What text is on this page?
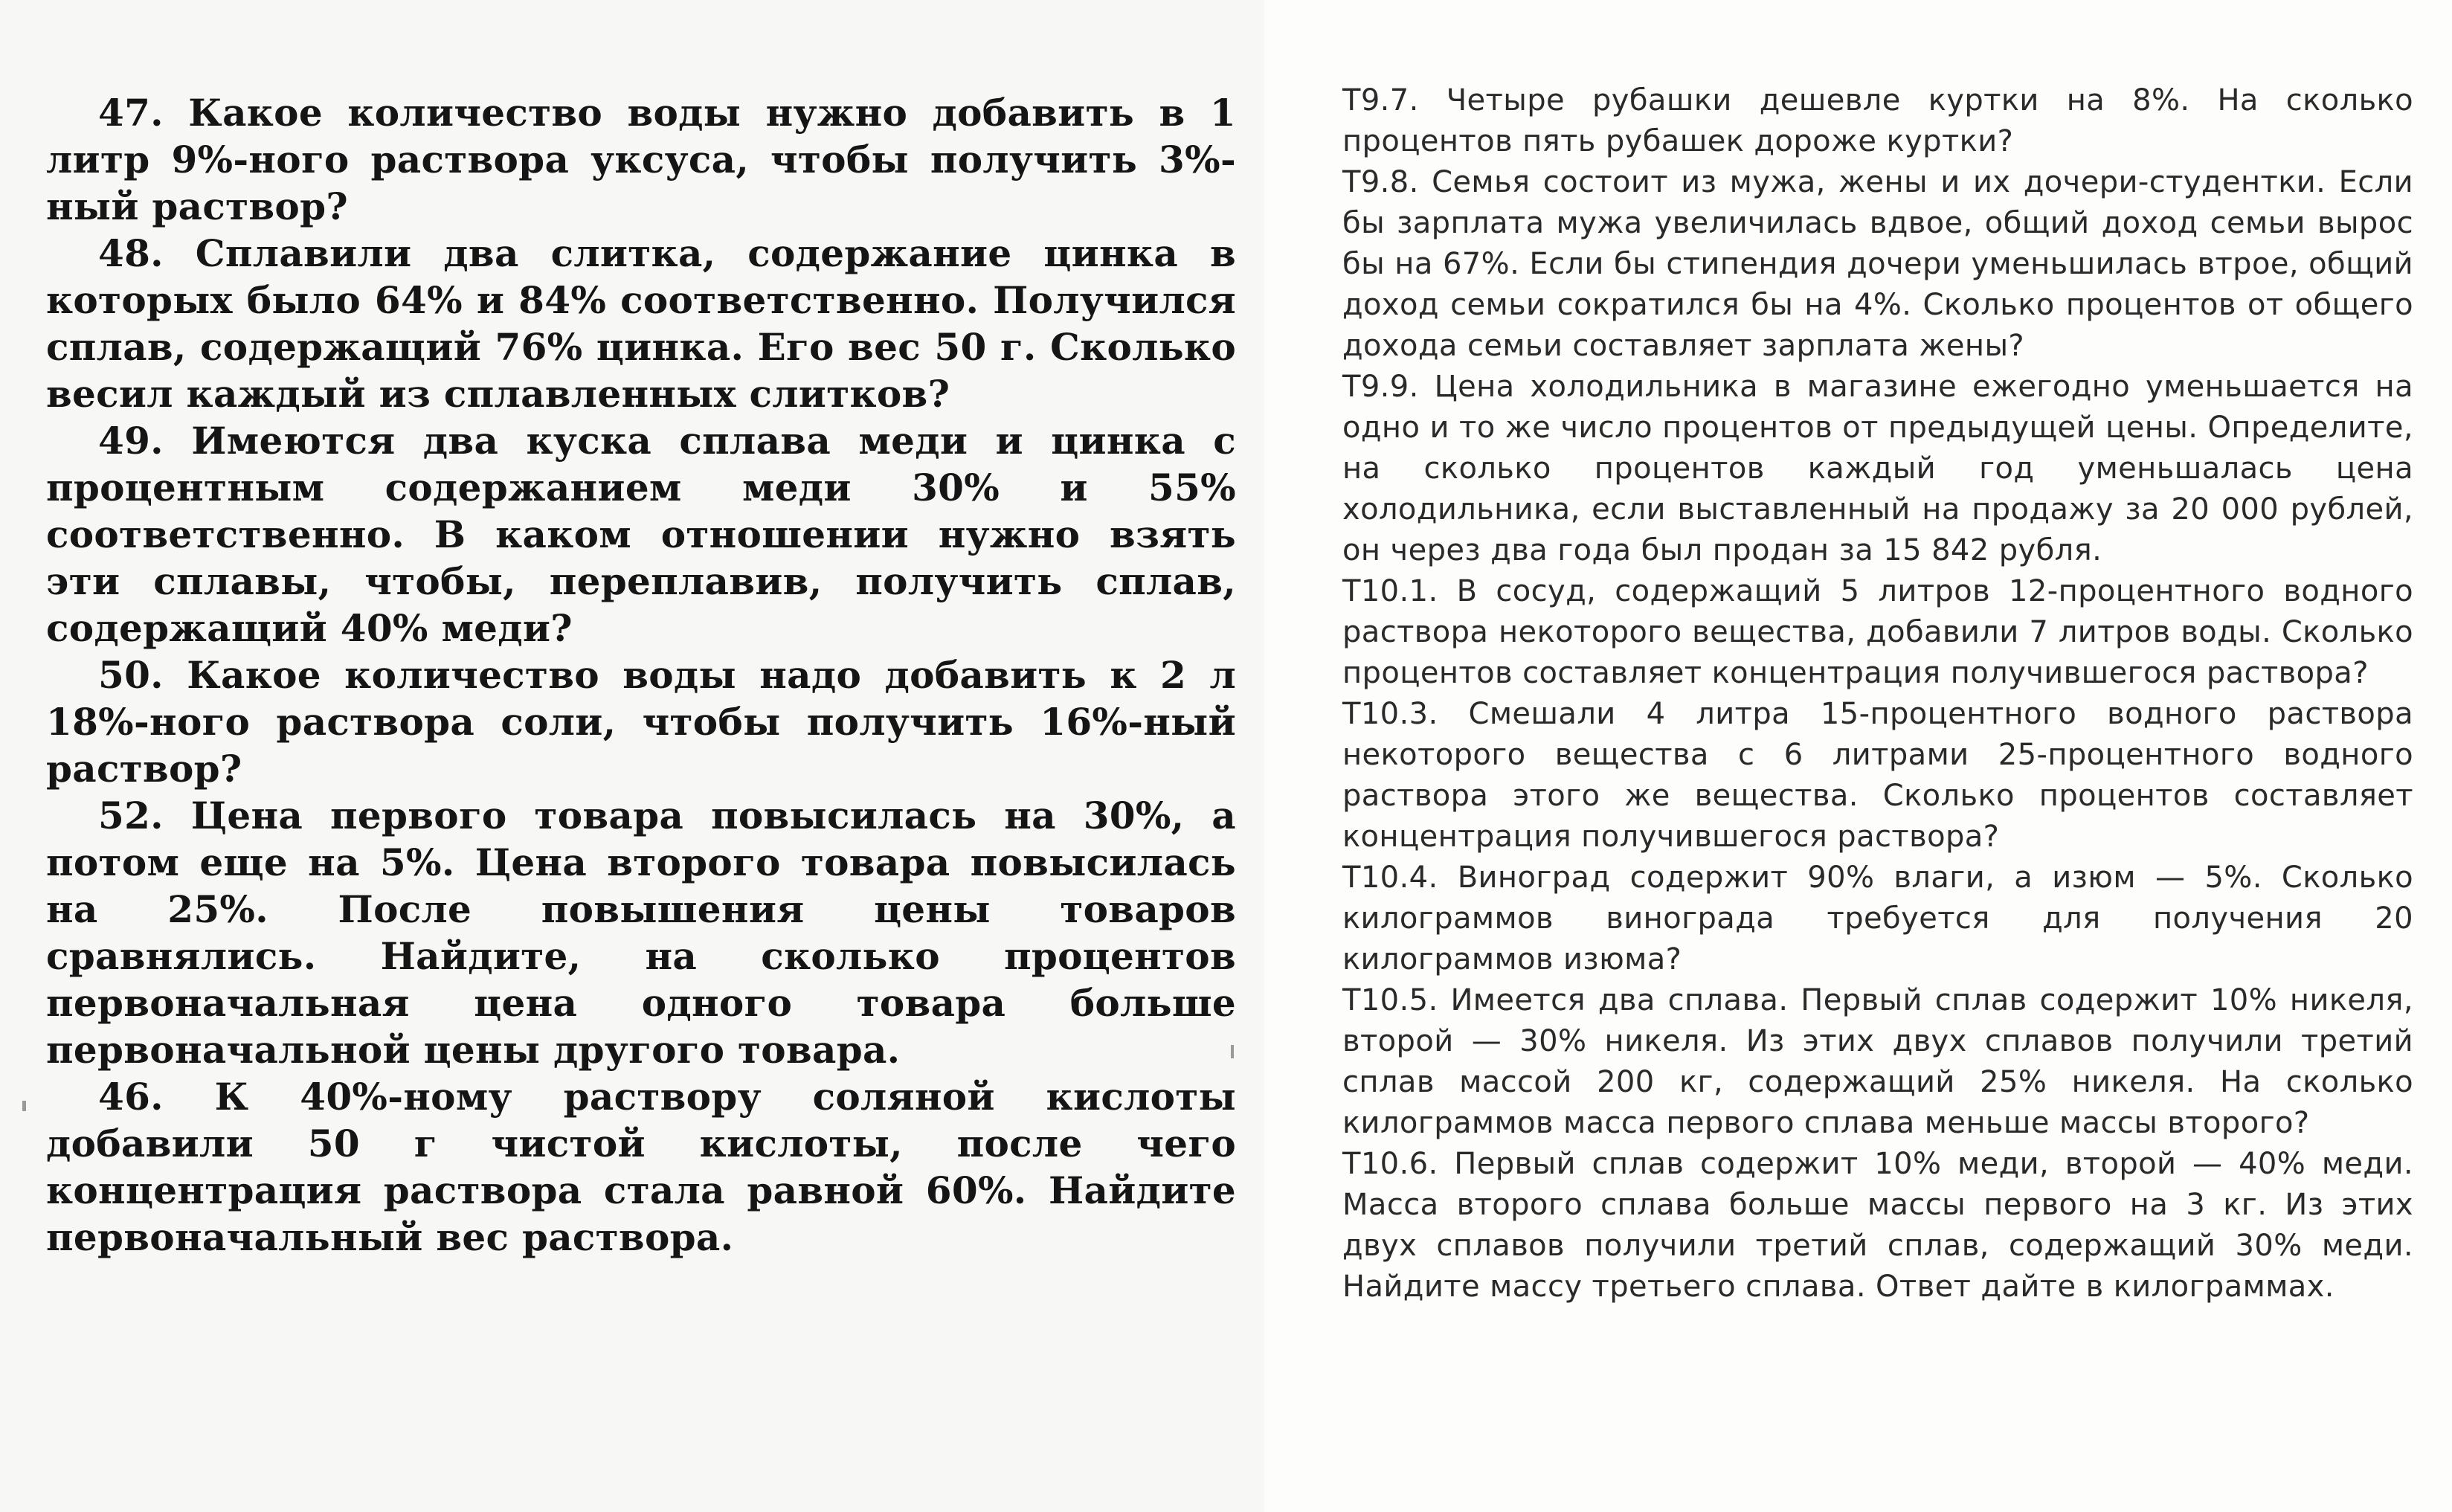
47. Какое количество воды нужно добавить в 1 литр 9%-ного раствора уксуса, чтобы получить 3%-ный раствор?

48. Сплавили два слитка, содержание цинка в которых было 64% и 84% соответственно. Получился сплав, содержащий 76% цинка. Его вес 50 г. Сколько весил каждый из сплавленных слитков?

49. Имеются два куска сплава меди и цинка с процентным содержанием меди 30% и 55% соответственно. В каком отношении нужно взять эти сплавы, чтобы, переплавив, получить сплав, содержащий 40% меди?

50. Какое количество воды надо добавить к 2 л 18%-ного раствора соли, чтобы получить 16%-ный раствор?

52. Цена первого товара повысилась на 30%, а потом еще на 5%. Цена второго товара повысилась на 25%. После повышения цены товаров сравнялись. Найдите, на сколько процентов первоначальная цена одного товара больше первоначальной цены другого товара.

46. К 40%-ному раствору соляной кислоты добавили 50 г чистой кислоты, после чего концентрация раствора стала равной 60%. Найдите первоначальный вес раствора.

Т9.7. Четыре рубашки дешевле куртки на 8%. На сколько процентов пять рубашек дороже куртки?

Т9.8. Семья состоит из мужа, жены и их дочери-студентки. Если бы зарплата мужа увеличилась вдвое, общий доход семьи вырос бы на 67%. Если бы стипендия дочери уменьшилась втрое, общий доход семьи сократился бы на 4%. Сколько процентов от общего дохода семьи составляет зарплата жены?

Т9.9. Цена холодильника в магазине ежегодно уменьшается на одно и то же число процентов от предыдущей цены. Определите, на сколько процентов каждый год уменьшалась цена холодильника, если выставленный на продажу за 20 000 рублей, он через два года был продан за 15 842 рубля.

Т10.1. В сосуд, содержащий 5 литров 12-процентного водного раствора некоторого вещества, добавили 7 литров воды. Сколько процентов составляет концентрация получившегося раствора?

Т10.3. Смешали 4 литра 15-процентного водного раствора некоторого вещества с 6 литрами 25-процентного водного раствора этого же вещества. Сколько процентов составляет концентрация получившегося раствора?

Т10.4. Виноград содержит 90% влаги, а изюм — 5%. Сколько килограммов винограда требуется для получения 20 килограммов изюма?

Т10.5. Имеется два сплава. Первый сплав содержит 10% никеля, второй — 30% никеля. Из этих двух сплавов получили третий сплав массой 200 кг, содержащий 25% никеля. На сколько килограммов масса первого сплава меньше массы второго?

Т10.6. Первый сплав содержит 10% меди, второй — 40% меди. Масса второго сплава больше массы первого на 3 кг. Из этих двух сплавов получили третий сплав, содержащий 30% меди. Найдите массу третьего сплава. Ответ дайте в килограммах.
